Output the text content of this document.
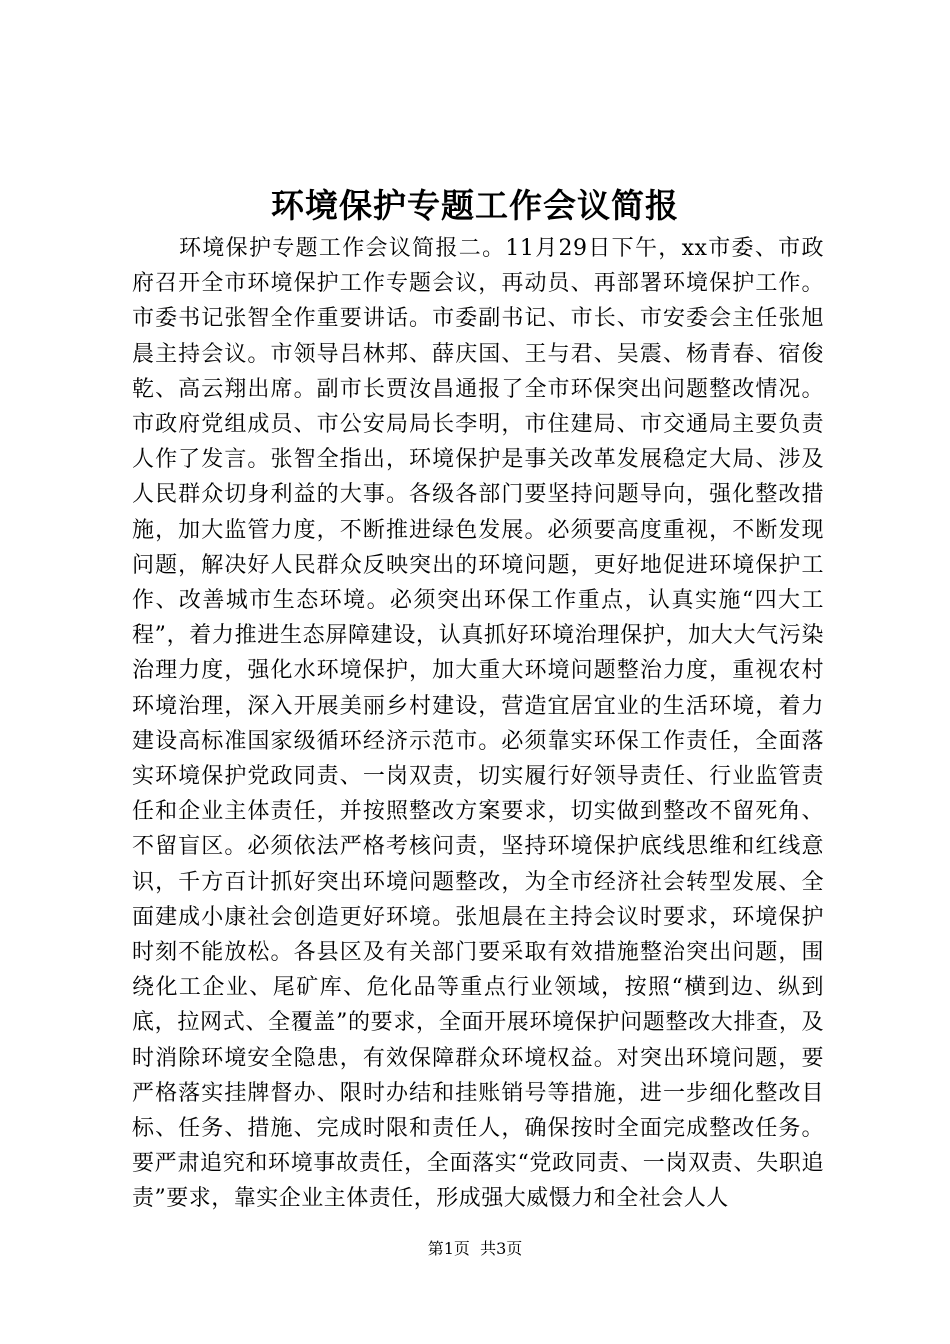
环境保护专题工作会议简报

环境保护专题工作会议简报二。11月29日下午，xx市委、市政府召开全市环境保护工作专题会议，再动员、再部署环境保护工作。市委书记张智全作重要讲话。市委副书记、市长、市安委会主任张旭晨主持会议。市领导吕林邦、薛庆国、王与君、吴震、杨青春、宿俊乾、高云翔出席。副市长贾汝昌通报了全市环保突出问题整改情况。市政府党组成员、市公安局局长李明，市住建局、市交通局主要负责人作了发言。张智全指出，环境保护是事关改革发展稳定大局、涉及人民群众切身利益的大事。各级各部门要坚持问题导向，强化整改措施，加大监管力度，不断推进绿色发展。必须要高度重视，不断发现问题，解决好人民群众反映突出的环境问题，更好地促进环境保护工作、改善城市生态环境。必须突出环保工作重点，认真实施“四大工程”，着力推进生态屏障建设，认真抓好环境治理保护，加大大气污染治理力度，强化水环境保护，加大重大环境问题整治力度，重视农村环境治理，深入开展美丽乡村建设，营造宜居宜业的生活环境，着力建设高标准国家级循环经济示范市。必须靠实环保工作责任，全面落实环境保护党政同责、一岗双责，切实履行好领导责任、行业监管责任和企业主体责任，并按照整改方案要求，切实做到整改不留死角、不留盲区。必须依法严格考核问责，坚持环境保护底线思维和红线意识，千方百计抓好突出环境问题整改，为全市经济社会转型发展、全面建成小康社会创造更好环境。张旭晨在主持会议时要求，环境保护时刻不能放松。各县区及有关部门要采取有效措施整治突出问题，围绕化工企业、尾矿库、危化品等重点行业领域，按照“横到边、纵到底，拉网式、全覆盖”的要求，全面开展环境保护问题整改大排查，及时消除环境安全隐患，有效保障群众环境权益。对突出环境问题，要严格落实挂牌督办、限时办结和挂账销号等措施，进一步细化整改目标、任务、措施、完成时限和责任人，确保按时全面完成整改任务。要严肃追究和环境事故责任，全面落实“党政同责、一岗双责、失职追责”要求，靠实企业主体责任，形成强大威慑力和全社会人人

第1页 共3页
